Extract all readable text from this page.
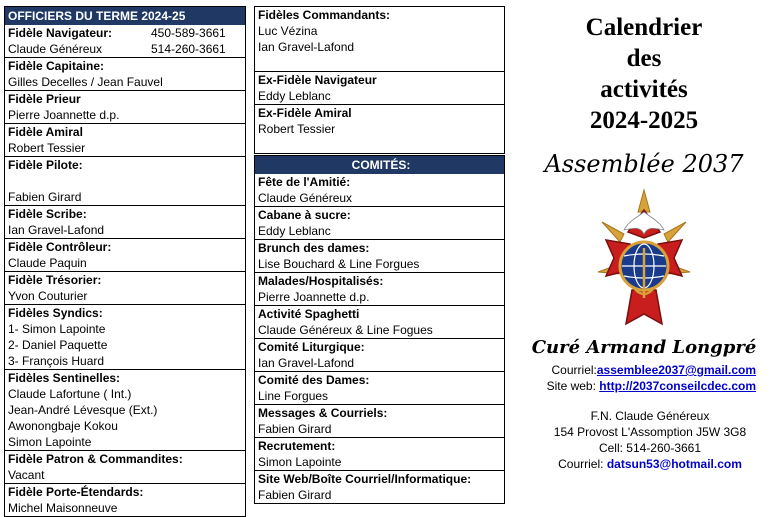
OFFICIERS DU TERME 2024-25
Fidèle Navigateur:	450-589-3661
Claude Généreux	514-260-3661
Fidèle Capitaine:
Gilles Decelles / Jean Fauvel
Fidèle Prieur
Pierre Joannette d.p.
Fidèle Amiral
Robert Tessier
Fidèle Pilote:
Fabien Girard
Fidèle Scribe:
Ian Gravel-Lafond
Fidèle Contrôleur:
Claude Paquin
Fidèle Trésorier:
Yvon Couturier
Fidèles Syndics:
1- Simon Lapointe
2- Daniel Paquette
3- François Huard
Fidèles Sentinelles:
Claude Lafortune ( Int.)
Jean-André Lévesque (Ext.)
Awonongbaje Kokou
Simon Lapointe
Fidèle Patron & Commandites:
Vacant
Fidèle Porte-Étendards:
Michel Maisonneuve
Fidèles Commandants:
Luc Vézina
Ian Gravel-Lafond
Ex-Fidèle Navigateur
Eddy Leblanc
Ex-Fidèle Amiral
Robert Tessier
COMITÉS:
Fête de l'Amitié:
Claude Généreux
Cabane à sucre:
Eddy Leblanc
Brunch des dames:
Lise Bouchard & Line Forgues
Malades/Hospitalisés:
Pierre Joannette d.p.
Activité Spaghetti
Claude Généreux & Line Fogues
Comité Liturgique:
Ian Gravel-Lafond
Comité des Dames:
Line Forgues
Messages & Courriels:
Fabien Girard
Recrutement:
Simon Lapointe
Site Web/Boîte Courriel/Informatique:
Fabien Girard
Calendrier
des
activités
2024-2025
Assemblée 2037
Curé Armand Longpré
Courriel:assemblee2037@gmail.com
Site web: http://2037conseilcdec.com
F.N. Claude Généreux
154 Provost L'Assomption J5W 3G8
Cell: 514-260-3661
Courriel: datsun53@hotmail.com
